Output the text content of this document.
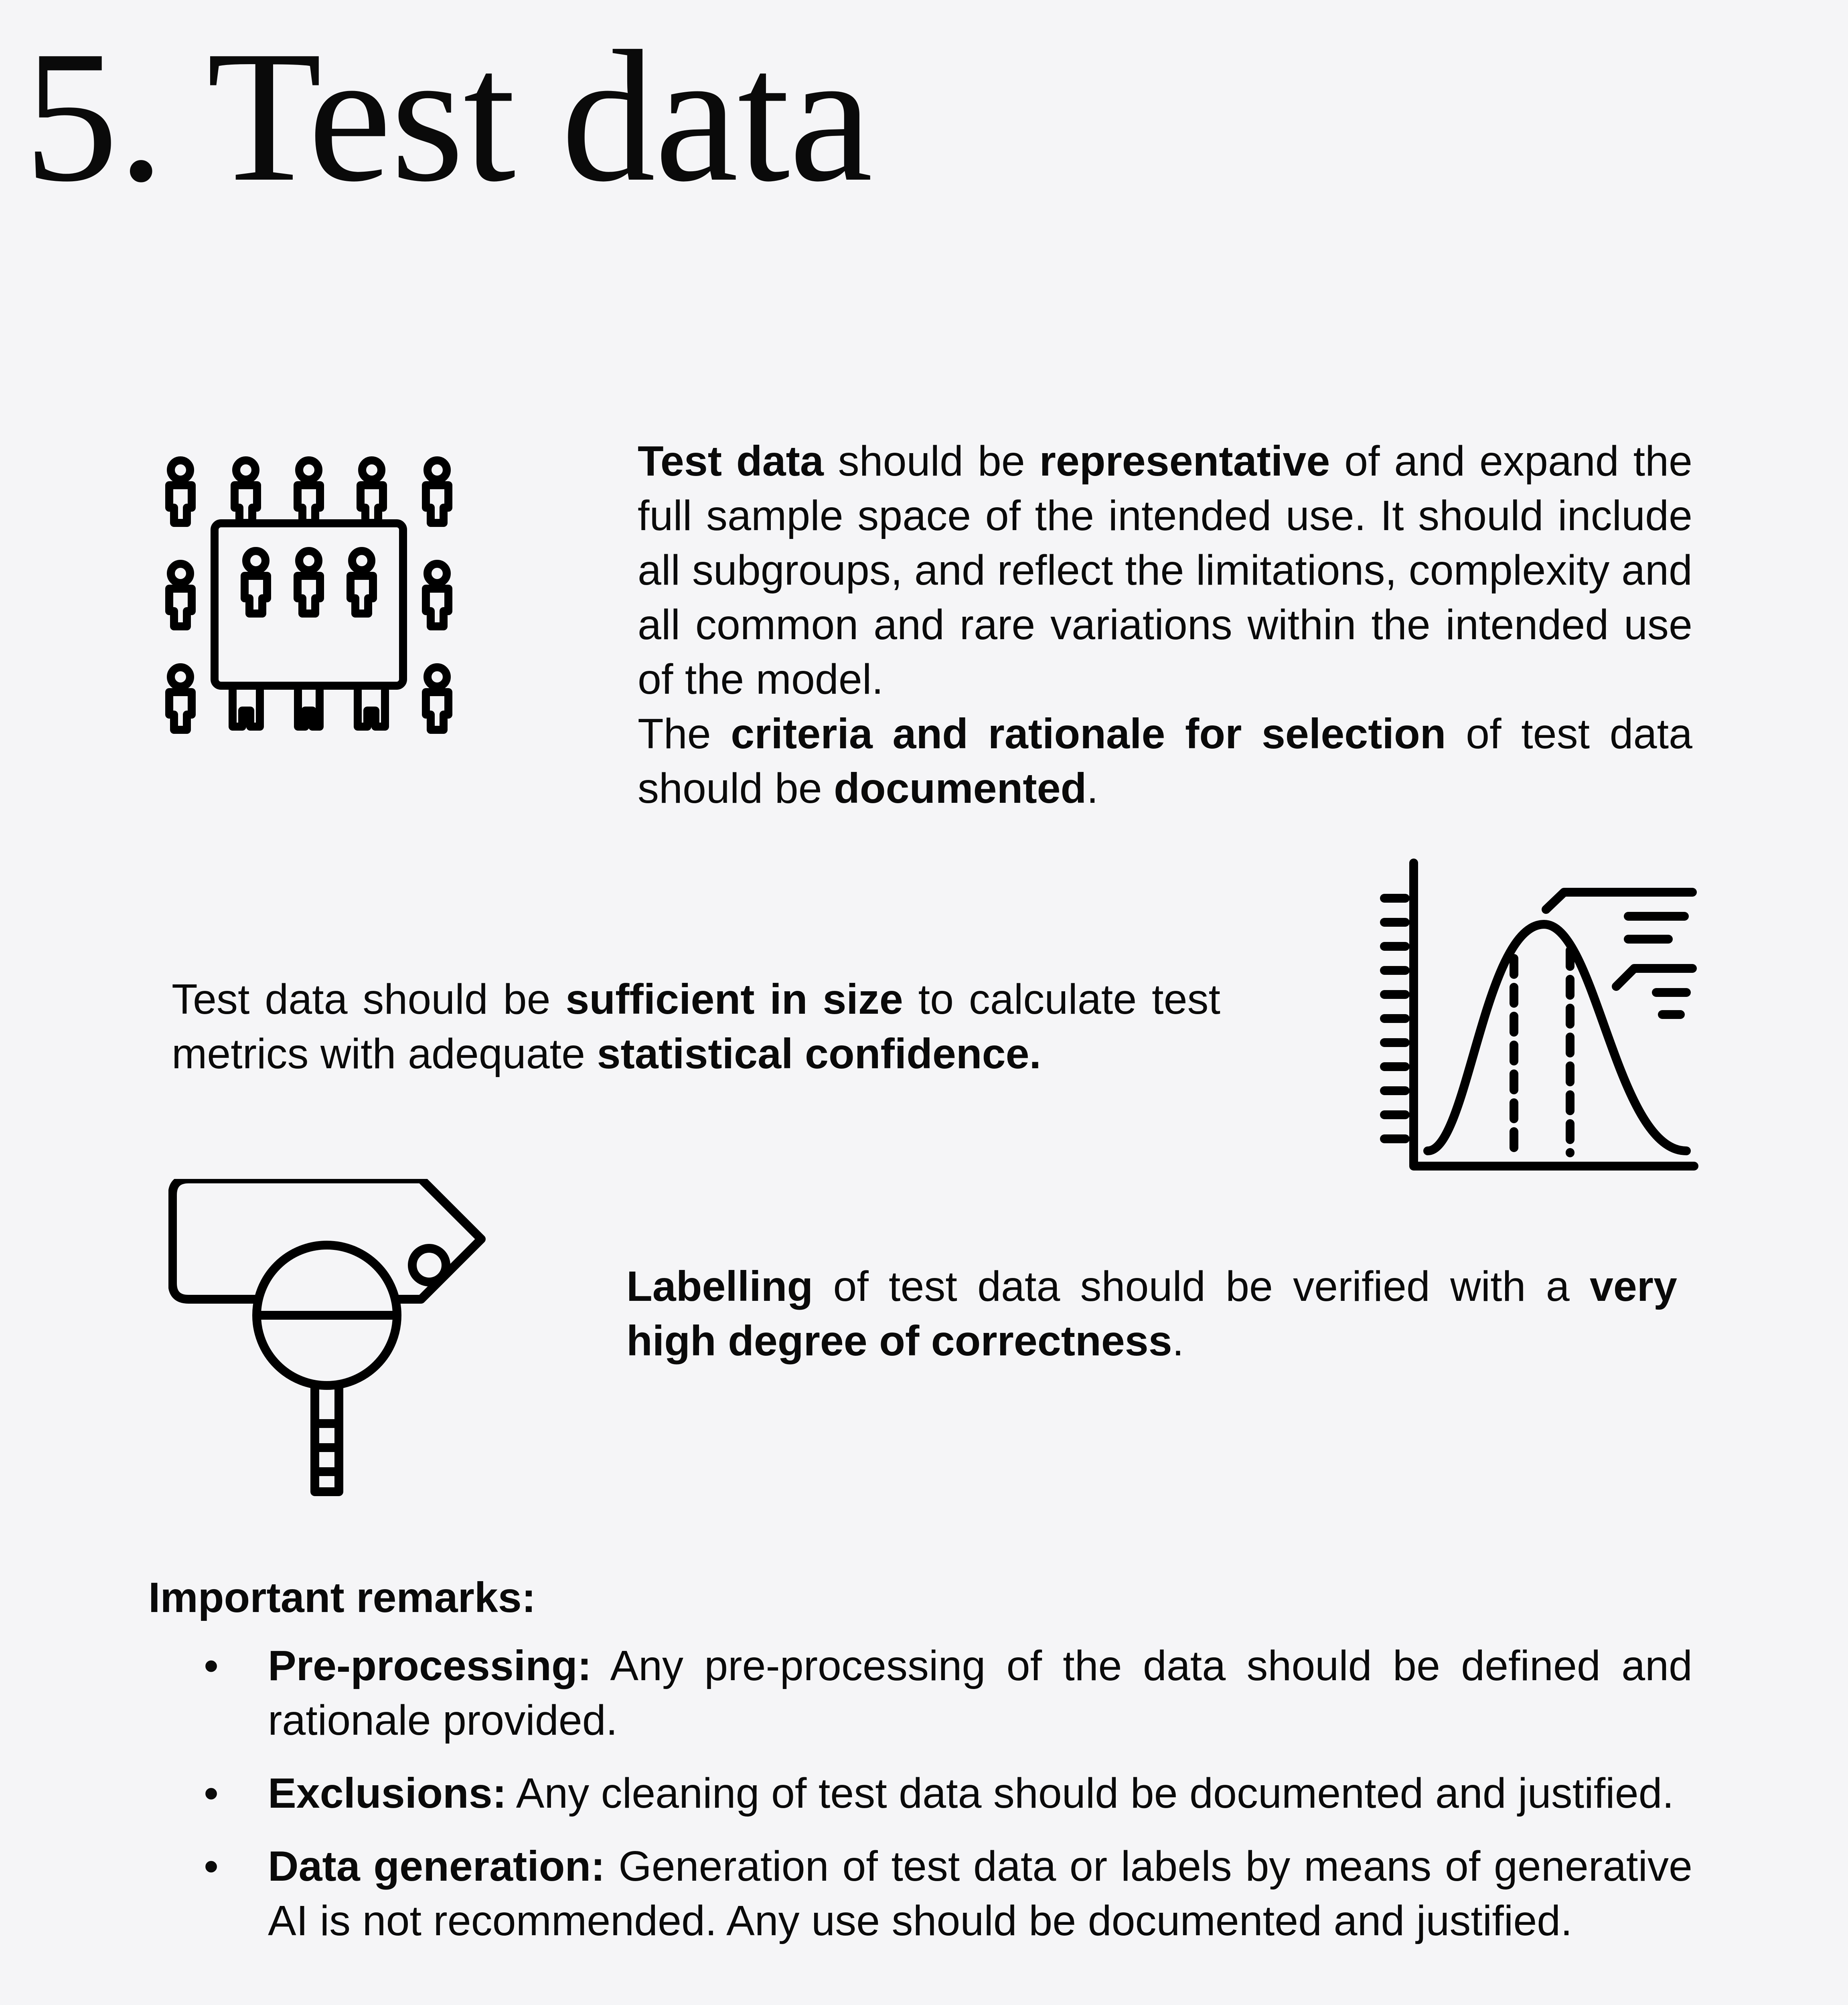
5. Test data

Test data should be representative of and expand the full sample space of the intended use. It should include all subgroups, and reflect the limitations, complexity and all common and rare variations within the intended use of the model.
The criteria and rationale for selection of test data should be documented.

Test data should be sufficient in size to calculate test metrics with adequate statistical confidence.

Labelling of test data should be verified with a very high degree of correctness.

Important remarks:
• Pre-processing: Any pre-processing of the data should be defined and rationale provided.
• Exclusions: Any cleaning of test data should be documented and justified.
• Data generation: Generation of test data or labels by means of generative AI is not recommended. Any use should be documented and justified.
